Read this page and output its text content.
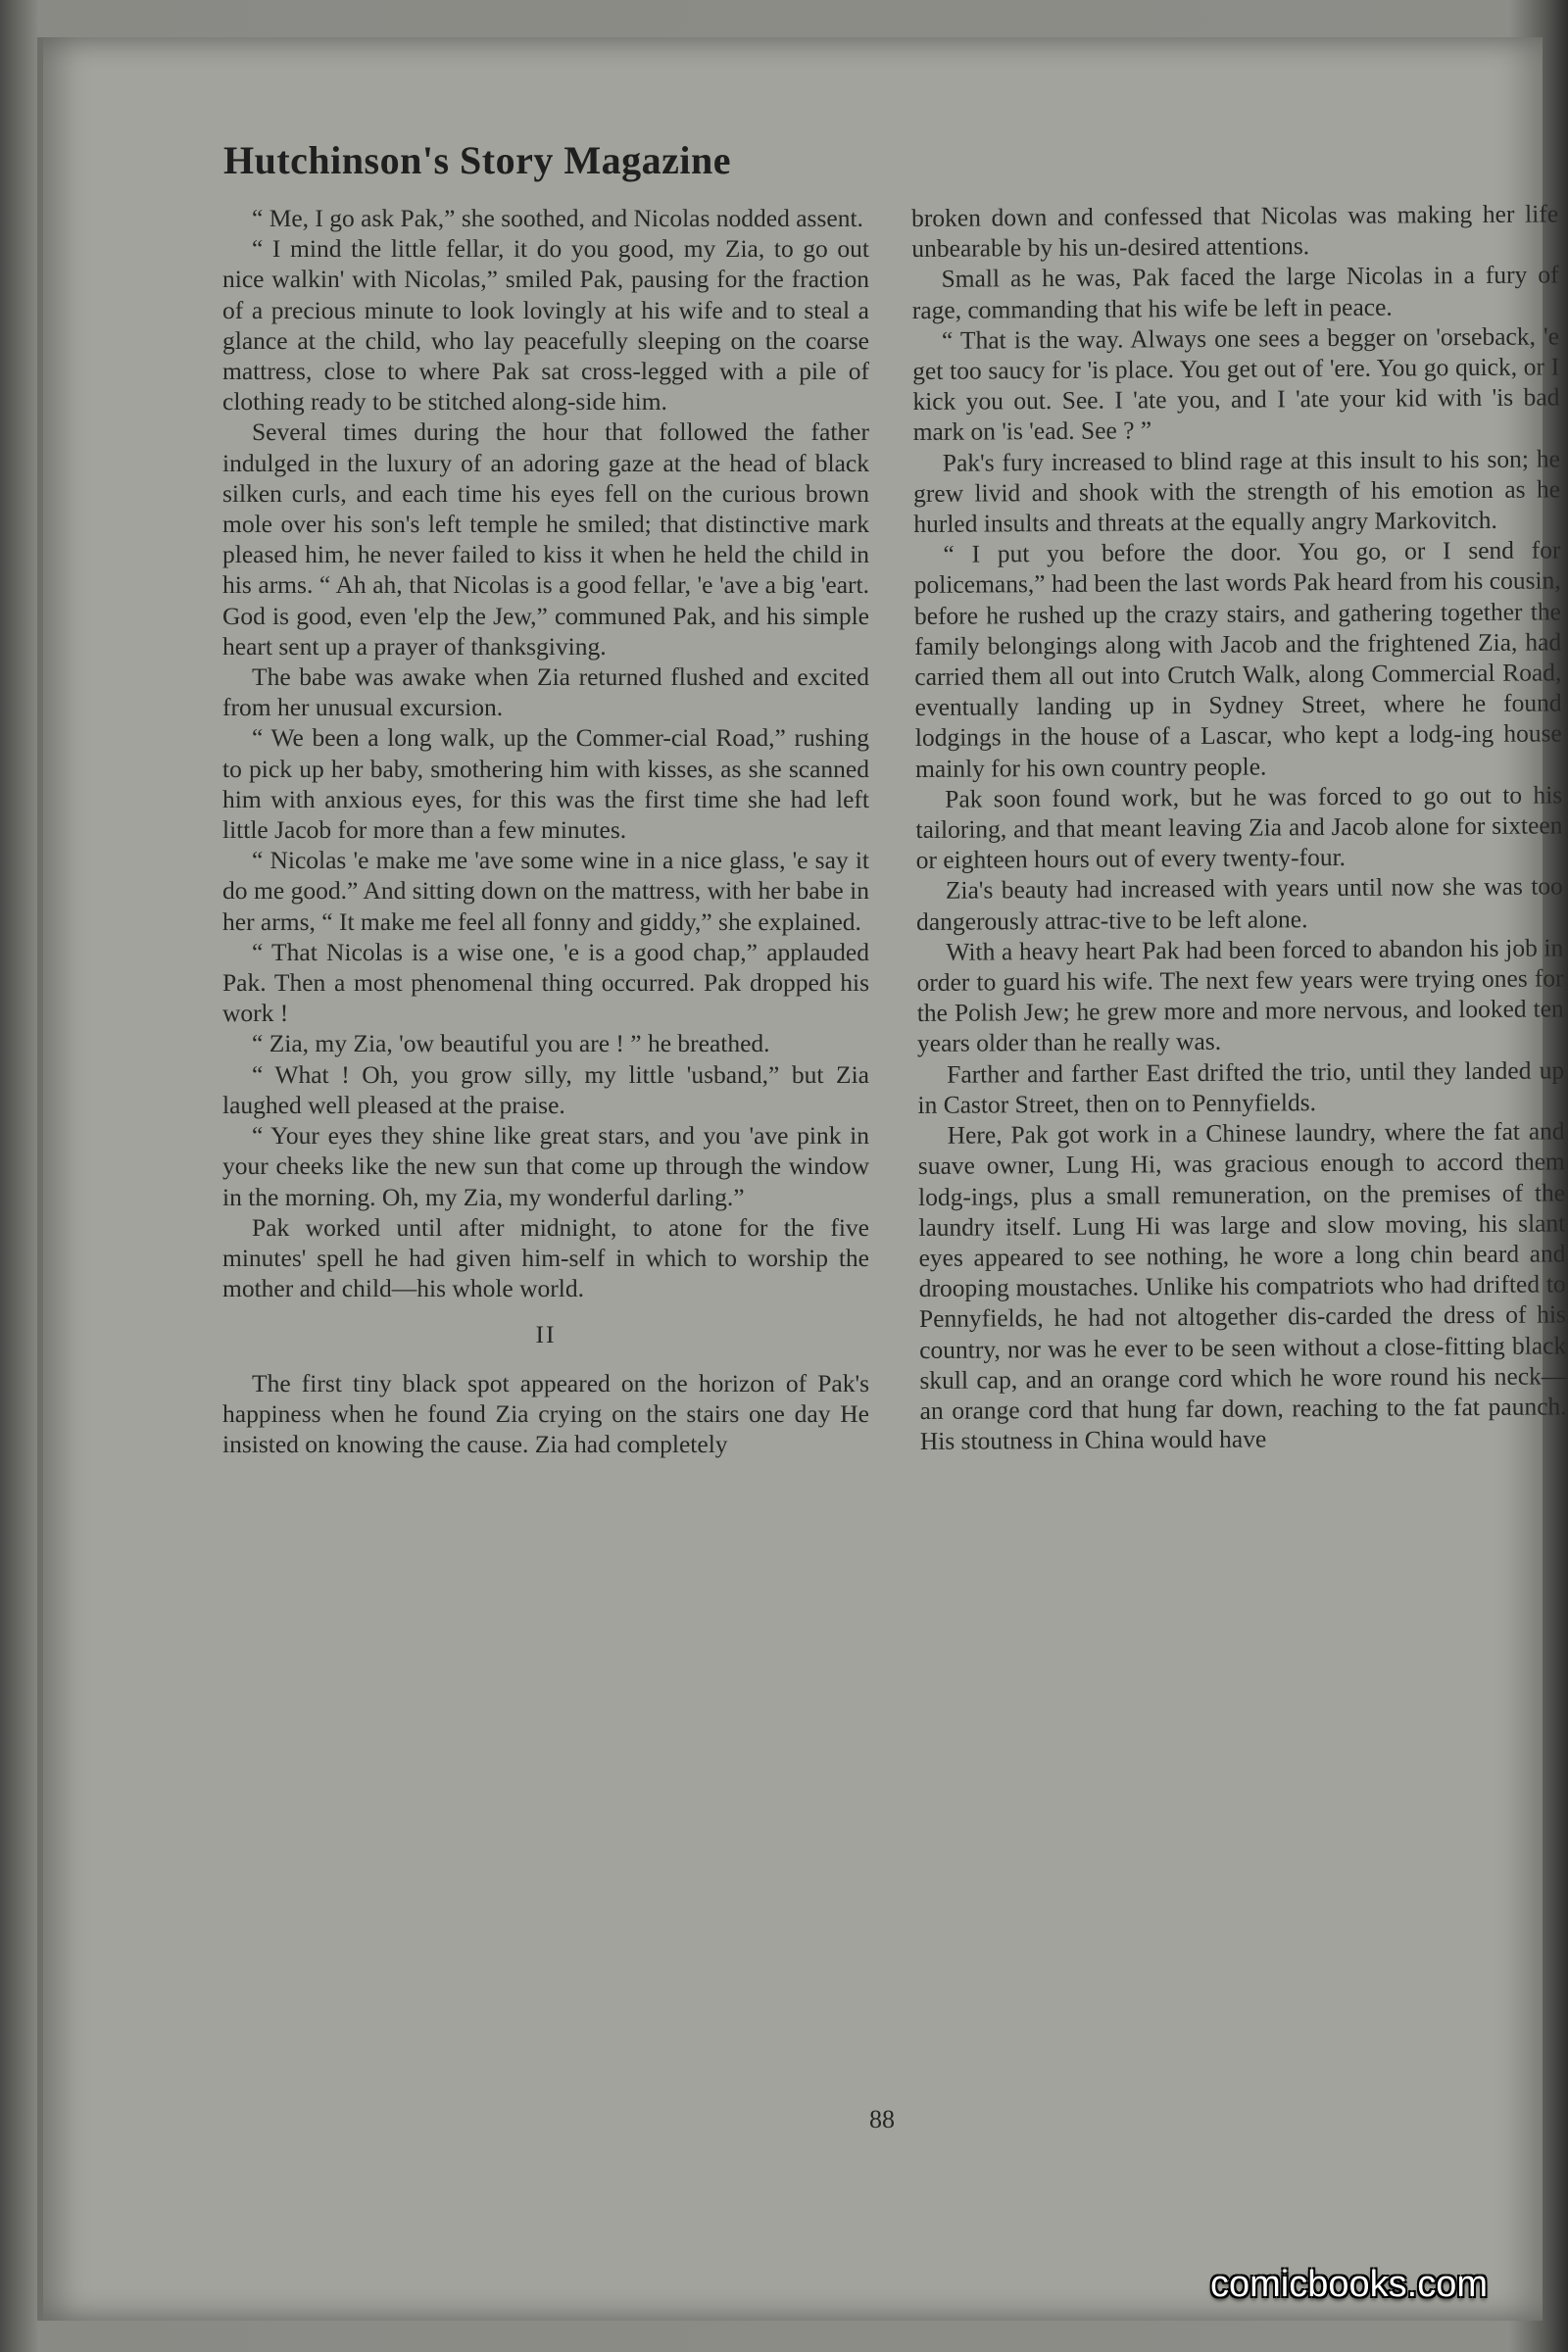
Hutchinson's Story Magazine

“ Me, I go ask Pak,” she soothed, and Nicolas nodded assent.

“ I mind the little fellar, it do you good, my Zia, to go out nice walkin' with Nicolas,” smiled Pak, pausing for the fraction of a precious minute to look lovingly at his wife and to steal a glance at the child, who lay peacefully sleeping on the coarse mattress, close to where Pak sat cross-legged with a pile of clothing ready to be stitched along-side him.

Several times during the hour that followed the father indulged in the luxury of an adoring gaze at the head of black silken curls, and each time his eyes fell on the curious brown mole over his son's left temple he smiled; that distinctive mark pleased him, he never failed to kiss it when he held the child in his arms. “ Ah ah, that Nicolas is a good fellar, 'e 'ave a big 'eart. God is good, even 'elp the Jew,” communed Pak, and his simple heart sent up a prayer of thanksgiving.

The babe was awake when Zia returned flushed and excited from her unusual excursion.

“ We been a long walk, up the Commer-cial Road,” rushing to pick up her baby, smothering him with kisses, as she scanned him with anxious eyes, for this was the first time she had left little Jacob for more than a few minutes.

“ Nicolas 'e make me 'ave some wine in a nice glass, 'e say it do me good.” And sitting down on the mattress, with her babe in her arms, “ It make me feel all fonny and giddy,” she explained.

“ That Nicolas is a wise one, 'e is a good chap,” applauded Pak. Then a most phenomenal thing occurred. Pak dropped his work !

“ Zia, my Zia, 'ow beautiful you are ! ” he breathed.

“ What ! Oh, you grow silly, my little 'usband,” but Zia laughed well pleased at the praise.

“ Your eyes they shine like great stars, and you 'ave pink in your cheeks like the new sun that come up through the window in the morning. Oh, my Zia, my wonderful darling.”

Pak worked until after midnight, to atone for the five minutes' spell he had given him-self in which to worship the mother and child—his whole world.

II

The first tiny black spot appeared on the horizon of Pak's happiness when he found Zia crying on the stairs one day He insisted on knowing the cause. Zia had completely

broken down and confessed that Nicolas was making her life unbearable by his un-desired attentions.

Small as he was, Pak faced the large Nicolas in a fury of rage, commanding that his wife be left in peace.

“ That is the way. Always one sees a begger on 'orseback, 'e get too saucy for 'is place. You get out of 'ere. You go quick, or I kick you out. See. I 'ate you, and I 'ate your kid with 'is bad mark on 'is 'ead. See ? ”

Pak's fury increased to blind rage at this insult to his son; he grew livid and shook with the strength of his emotion as he hurled insults and threats at the equally angry Markovitch.

“ I put you before the door. You go, or I send for policemans,” had been the last words Pak heard from his cousin, before he rushed up the crazy stairs, and gathering together the family belongings along with Jacob and the frightened Zia, had carried them all out into Crutch Walk, along Commercial Road, eventually landing up in Sydney Street, where he found lodgings in the house of a Lascar, who kept a lodg-ing house mainly for his own country people.

Pak soon found work, but he was forced to go out to his tailoring, and that meant leaving Zia and Jacob alone for sixteen or eighteen hours out of every twenty-four.

Zia's beauty had increased with years until now she was too dangerously attrac-tive to be left alone.

With a heavy heart Pak had been forced to abandon his job in order to guard his wife. The next few years were trying ones for the Polish Jew; he grew more and more nervous, and looked ten years older than he really was.

Farther and farther East drifted the trio, until they landed up in Castor Street, then on to Pennyfields.

Here, Pak got work in a Chinese laundry, where the fat and suave owner, Lung Hi, was gracious enough to accord them lodg-ings, plus a small remuneration, on the premises of the laundry itself. Lung Hi was large and slow moving, his slant eyes appeared to see nothing, he wore a long chin beard and drooping moustaches. Unlike his compatriots who had drifted to Pennyfields, he had not altogether dis-carded the dress of his country, nor was he ever to be seen without a close-fitting black skull cap, and an orange cord which he wore round his neck—an orange cord that hung far down, reaching to the fat paunch. His stoutness in China would have

88
comicbooks.com
